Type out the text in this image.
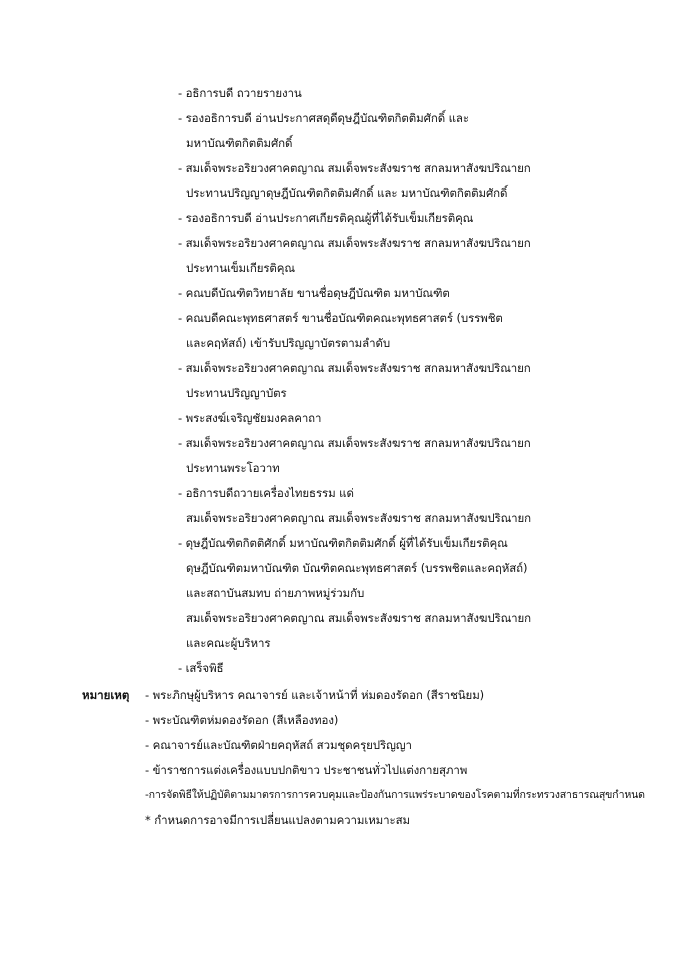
- อธิการบดี ถวายรายงาน
- รองอธิการบดี อ่านประกาศสดุดีดุษฎีบัณฑิตกิตติมศักดิ์ และ
มหาบัณฑิตกิตติมศักดิ์
- สมเด็จพระอริยวงศาคตญาณ สมเด็จพระสังฆราช สกลมหาสังฆปริณายก
ประทานปริญญาดุษฎีบัณฑิตกิตติมศักดิ์ และ มหาบัณฑิตกิตติมศักดิ์
- รองอธิการบดี อ่านประกาศเกียรติคุณผู้ที่ได้รับเข็มเกียรติคุณ
- สมเด็จพระอริยวงศาคตญาณ สมเด็จพระสังฆราช สกลมหาสังฆปริณายก
ประทานเข็มเกียรติคุณ
- คณบดีบัณฑิตวิทยาลัย ขานชื่อดุษฎีบัณฑิต มหาบัณฑิต
- คณบดีคณะพุทธศาสตร์ ขานชื่อบัณฑิตคณะพุทธศาสตร์ (บรรพชิต
และคฤหัสถ์) เข้ารับปริญญาบัตรตามลำดับ
- สมเด็จพระอริยวงศาคตญาณ สมเด็จพระสังฆราช สกลมหาสังฆปริณายก
ประทานปริญญาบัตร
- พระสงฆ์เจริญชัยมงคลคาถา
- สมเด็จพระอริยวงศาคตญาณ สมเด็จพระสังฆราช สกลมหาสังฆปริณายก
ประทานพระโอวาท
- อธิการบดีถวายเครื่องไทยธรรม แด่
สมเด็จพระอริยวงศาคตญาณ สมเด็จพระสังฆราช สกลมหาสังฆปริณายก
- ดุษฎีบัณฑิตกิตติศักดิ์ มหาบัณฑิตกิตติมศักดิ์ ผู้ที่ได้รับเข็มเกียรติคุณ
ดุษฎีบัณฑิตมหาบัณฑิต บัณฑิตคณะพุทธศาสตร์ (บรรพชิตและคฤหัสถ์)
และสถาบันสมทบ ถ่ายภาพหมู่ร่วมกับ
สมเด็จพระอริยวงศาคตญาณ สมเด็จพระสังฆราช สกลมหาสังฆปริณายก
และคณะผู้บริหาร
- เสร็จพิธี
หมายเหตุ - พระภิกษุผู้บริหาร คณาจารย์ และเจ้าหน้าที่ ห่มดองรัดอก (สีราชนิยม)
- พระบัณฑิตห่มดองรัดอก (สีเหลืองทอง)
- คณาจารย์และบัณฑิตฝ่ายคฤหัสถ์ สวมชุดครุยปริญญา
- ข้าราชการแต่งเครื่องแบบปกติขาว ประชาชนทั่วไปแต่งกายสุภาพ
-การจัดพิธีให้ปฏิบัติตามมาตรการการควบคุมและป้องกันการแพร่ระบาดของโรคตามที่กระทรวงสาธารณสุขกำหนด
* กำหนดการอาจมีการเปลี่ยนแปลงตามความเหมาะสม
